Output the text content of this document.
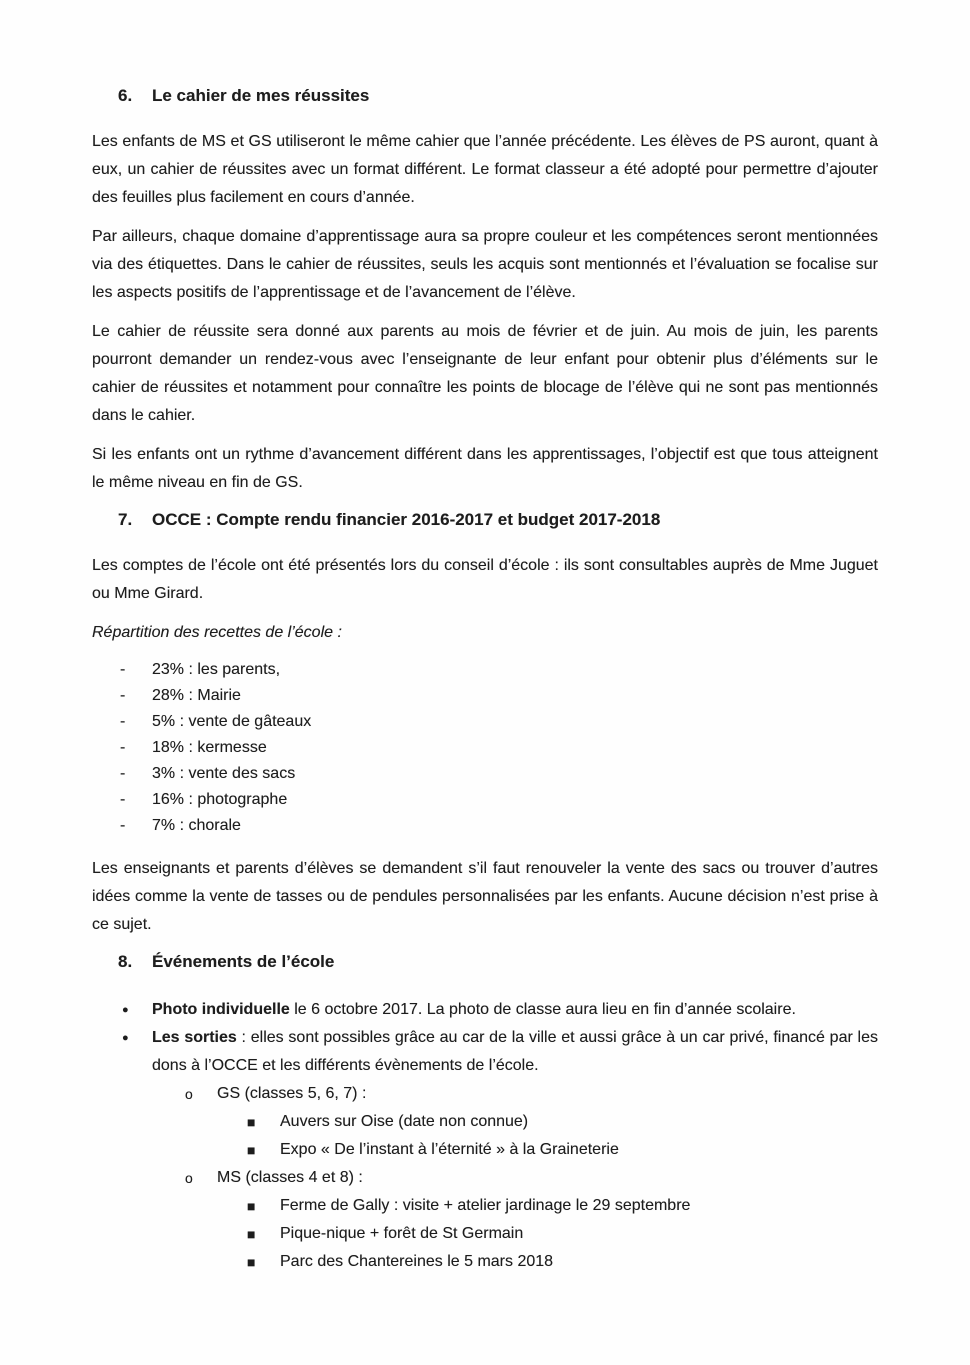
6.	Le cahier de mes réussites

Les enfants de MS et GS utiliseront le même cahier que l’année précédente. Les élèves de PS auront, quant à eux, un cahier de réussites avec un format différent. Le format classeur a été adopté pour permettre d’ajouter des feuilles plus facilement en cours d’année.

Par ailleurs, chaque domaine d’apprentissage aura sa propre couleur et les compétences seront mentionnées via des étiquettes. Dans le cahier de réussites, seuls les acquis sont mentionnés et l’évaluation se focalise sur les aspects positifs de l’apprentissage et de l’avancement de l’élève.

Le cahier de réussite sera donné aux parents au mois de février et de juin. Au mois de juin, les parents pourront demander un rendez-vous avec l’enseignante de leur enfant pour obtenir plus d’éléments sur le cahier de réussites et notamment pour connaître les points de blocage de l’élève qui ne sont pas mentionnés dans le cahier.

Si les enfants ont un rythme d’avancement différent dans les apprentissages, l’objectif est que tous atteignent le même niveau en fin de GS.

7.	OCCE : Compte rendu financier 2016-2017 et budget 2017-2018

Les comptes de l’école ont été présentés lors du conseil d’école : ils sont consultables auprès de Mme Juguet ou Mme Girard.

Répartition des recettes de l’école :

-	23% : les parents,
-	28% : Mairie
-	5% : vente de gâteaux
-	18% : kermesse
-	3% : vente des sacs
-	16% : photographe
-	7% : chorale

Les enseignants et parents d’élèves se demandent s’il faut renouveler la vente des sacs ou trouver d’autres idées comme la vente de tasses ou de pendules personnalisées par les enfants. Aucune décision n’est prise à ce sujet.

8.	Événements de l’école
●	Photo individuelle le 6 octobre 2017. La photo de classe aura lieu en fin d’année scolaire.
●	Les sorties : elles sont possibles grâce au car de la ville et aussi grâce à un car privé, financé par les dons à l’OCCE et les différents évènements de l’école.
o	GS (classes 5, 6, 7) :
■	Auvers sur Oise (date non connue)
■	Expo « De l’instant à l’éternité » à la Graineterie
o	MS (classes 4 et 8) :
■	Ferme de Gally : visite + atelier jardinage le 29 septembre
■	Pique-nique + forêt de St Germain
■	Parc des Chantereines le 5 mars 2018
